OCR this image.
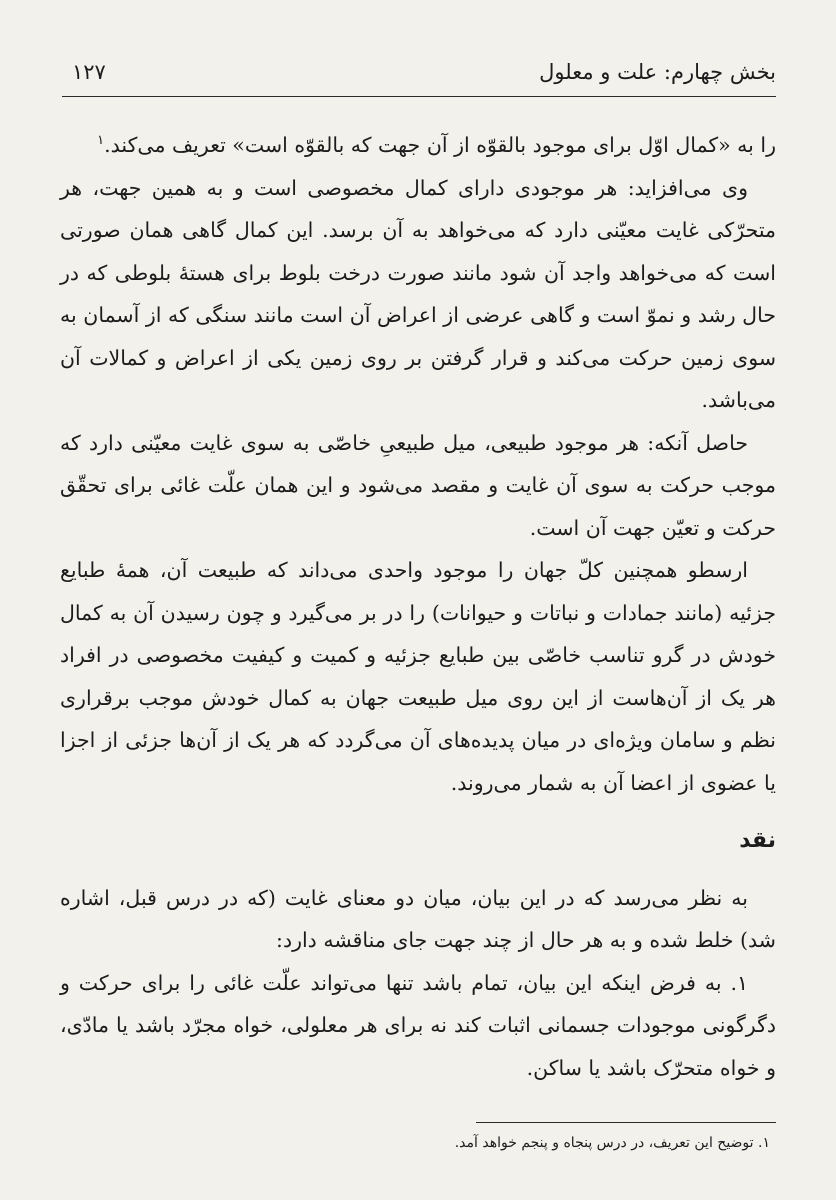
بخش چهارم: علت و معلول
۱۲۷

را به «کمال اوّل برای موجود بالقوّه از آن جهت که بالقوّه است» تعریف می‌کند.$^۱$

وی می‌افزاید: هر موجودی دارای کمال مخصوصی است و به همین جهت، هر متحرّکی غایت معیّنی دارد که می‌خواهد به آن برسد. این کمال گاهی همان صورتی است که می‌خواهد واجد آن شود مانند صورت درخت بلوط برای هستهٔ بلوطی که در حال رشد و نموّ است و گاهی عرضی از اعراض آن است مانند سنگی که از آسمان به سوی زمین حرکت می‌کند و قرار گرفتن بر روی زمین یکی از اعراض و کمالات آن می‌باشد.

حاصل آنکه: هر موجود طبیعی، میل طبیعیِ خاصّی به سوی غایت معیّنی دارد که موجب حرکت به سوی آن غایت و مقصد می‌شود و این همان علّت غائی برای تحقّق حرکت و تعیّن جهت آن است.

ارسطو همچنین کلّ جهان را موجود واحدی می‌داند که طبیعت آن، همهٔ طبایع جزئیه (مانند جمادات و نباتات و حیوانات) را در بر می‌گیرد و چون رسیدن آن به کمال خودش در گرو تناسب خاصّی بین طبایع جزئیه و کمیت و کیفیت مخصوصی در افراد هر یک از آن‌هاست از این روی میل طبیعت جهان به کمال خودش موجب برقراری نظم و سامان ویژه‌ای در میان پدیده‌های آن می‌گردد که هر یک از آن‌ها جزئی از اجزا یا عضوی از اعضا آن به شمار می‌روند.

نقد

به نظر می‌رسد که در این بیان، میان دو معنای غایت (که در درس قبل، اشاره شد) خلط شده و به هر حال از چند جهت جای مناقشه دارد:

۱. به فرض اینکه این بیان، تمام باشد تنها می‌تواند علّت غائی را برای حرکت و دگرگونی موجودات جسمانی اثبات کند نه برای هر معلولی، خواه مجرّد باشد یا مادّی، و خواه متحرّک باشد یا ساکن.

۱. توضیح این تعریف، در درس پنجاه و پنجم خواهد آمد.
